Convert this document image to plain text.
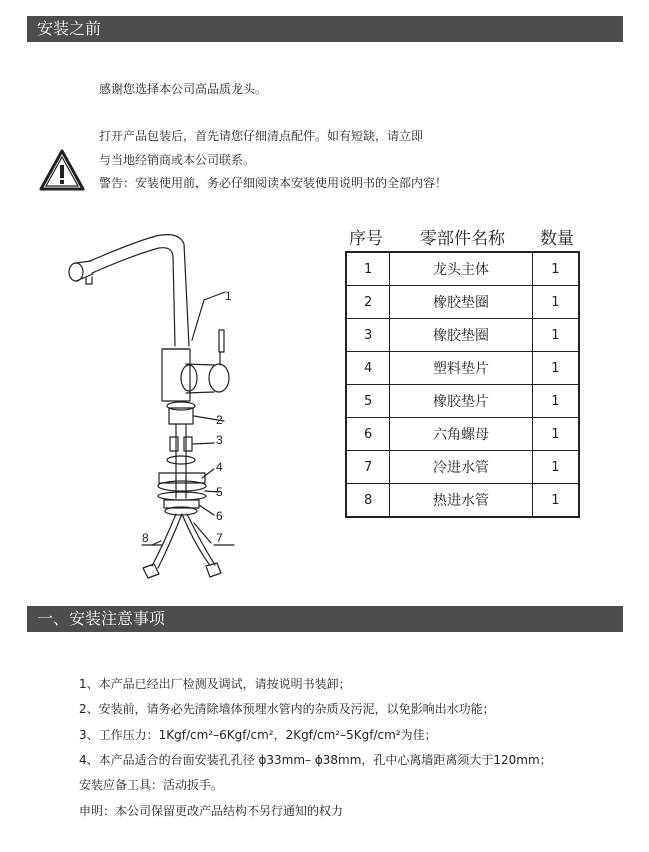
安装之前
感谢您选择本公司高品质龙头。
打开产品包装后，首先请您仔细清点配件。如有短缺，请立即
与当地经销商或本公司联系。
警告：安装使用前，务必仔细阅读本安装使用说明书的全部内容！
1
2
3
4
5
6
7
8
序号 零部件名称 数量
1	龙头主体	1
2	橡胶垫圈	1
3	橡胶垫圈	1
4	塑料垫片	1
5	橡胶垫片	1
6	六角螺母	1
7	冷进水管	1
8	热进水管	1
一、安装注意事项
1、本产品已经出厂检测及调试，请按说明书装卸；
2、安装前，请务必先清除墙体预埋水管内的杂质及污泥，以免影响出水功能；
3、工作压力：1Kgf/cm²–6Kgf/cm²，2Kgf/cm²–5Kgf/cm²为佳；
4、本产品适合的台面安装孔孔径 ϕ33mm– ϕ38mm，孔中心离墙距离须大于120mm；
安装应备工具：活动扳手。
申明：本公司保留更改产品结构不另行通知的权力
